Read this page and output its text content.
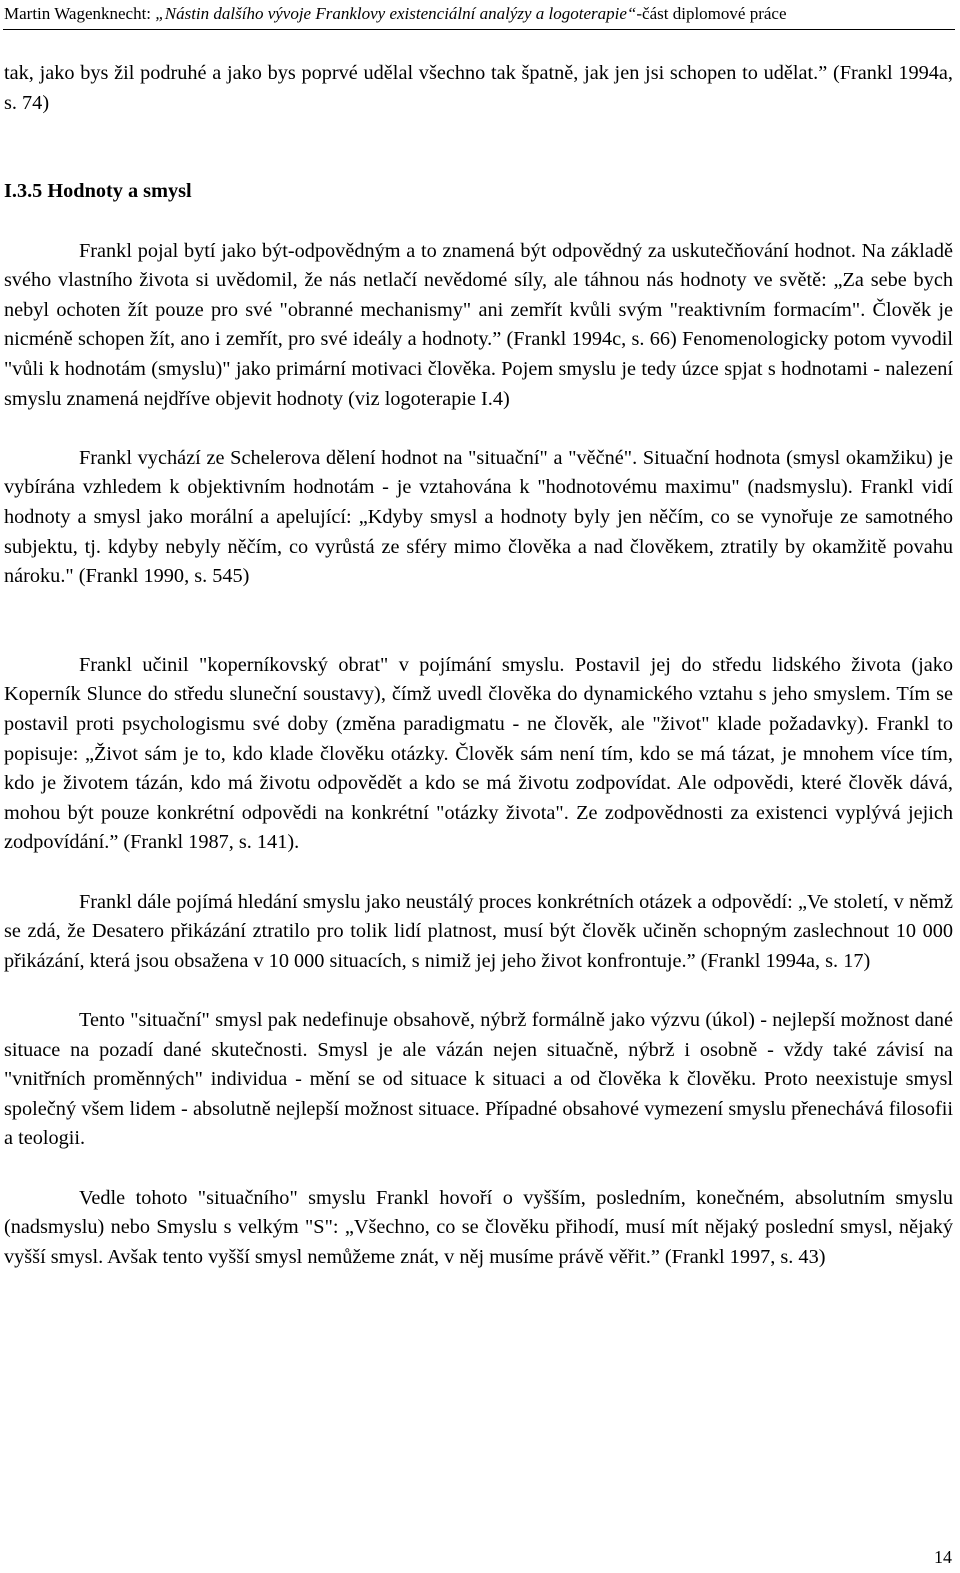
Martin Wagenknecht: „Nástin dalšího vývoje Franklovy existenciální analýzy a logoterapie“-část diplomové práce

tak, jako bys žil podruhé a jako bys poprvé udělal všechno tak špatně, jak jen jsi schopen to udělat.” (Frankl 1994a, s. 74)

I.3.5 Hodnoty a smysl

Frankl pojal bytí jako být-odpovědným a to znamená být odpovědný za uskutečňování hodnot. Na základě svého vlastního života si uvědomil, že nás netlačí nevědomé síly, ale táhnou nás hodnoty ve světě: „Za sebe bych nebyl ochoten žít pouze pro své "obranné mechanismy" ani zemřít kvůli svým "reaktivním formacím". Člověk je nicméně schopen žít, ano i zemřít, pro své ideály a hodnoty.” (Frankl 1994c, s. 66) Fenomenologicky potom vyvodil "vůli k hodnotám (smyslu)" jako primární motivaci člověka. Pojem smyslu je tedy úzce spjat s hodnotami - nalezení smyslu znamená nejdříve objevit hodnoty (viz logoterapie I.4)

Frankl vychází ze Schelerova dělení hodnot na "situační" a "věčné". Situační hodnota (smysl okamžiku) je vybírána vzhledem k objektivním hodnotám - je vztahována k "hodnotovému maximu" (nadsmyslu). Frankl vidí hodnoty a smysl jako morální a apelující: „Kdyby smysl a hodnoty byly jen něčím, co se vynořuje ze samotného subjektu, tj. kdyby nebyly něčím, co vyrůstá ze sféry mimo člověka a nad člověkem, ztratily by okamžitě povahu nároku." (Frankl 1990, s. 545)

Frankl učinil "koperníkovský obrat" v pojímání smyslu. Postavil jej do středu lidského života (jako Koperník Slunce do středu sluneční soustavy), čímž uvedl člověka do dynamického vztahu s jeho smyslem. Tím se postavil proti psychologismu své doby (změna paradigmatu - ne člověk, ale "život" klade požadavky). Frankl to popisuje: „Život sám je to, kdo klade člověku otázky. Člověk sám není tím, kdo se má tázat, je mnohem více tím, kdo je životem tázán, kdo má životu odpovědět a kdo se má životu zodpovídat. Ale odpovědi, které člověk dává, mohou být pouze konkrétní odpovědi na konkrétní "otázky života". Ze zodpovědnosti za existenci vyplývá jejich zodpovídání.” (Frankl 1987, s. 141).

Frankl dále pojímá hledání smyslu jako neustálý proces konkrétních otázek a odpovědí: „Ve století, v němž se zdá, že Desatero přikázání ztratilo pro tolik lidí platnost, musí být člověk učiněn schopným zaslechnout 10 000 přikázání, která jsou obsažena v 10 000 situacích, s nimiž jej jeho život konfrontuje.” (Frankl 1994a, s. 17)

Tento "situační" smysl pak nedefinuje obsahově, nýbrž formálně jako výzvu (úkol) - nejlepší možnost dané situace na pozadí dané skutečnosti. Smysl je ale vázán nejen situačně, nýbrž i osobně - vždy také závisí na "vnitřních proměnných" individua - mění se od situace k situaci a od člověka k člověku. Proto neexistuje smysl společný všem lidem - absolutně nejlepší možnost situace. Případné obsahové vymezení smyslu přenechává filosofii a teologii.

Vedle tohoto "situačního" smyslu Frankl hovoří o vyšším, posledním, konečném, absolutním smyslu (nadsmyslu) nebo Smyslu s velkým "S": „Všechno, co se člověku přihodí, musí mít nějaký poslední smysl, nějaký vyšší smysl. Avšak tento vyšší smysl nemůžeme znát, v něj musíme právě věřit.” (Frankl 1997, s. 43)

14
